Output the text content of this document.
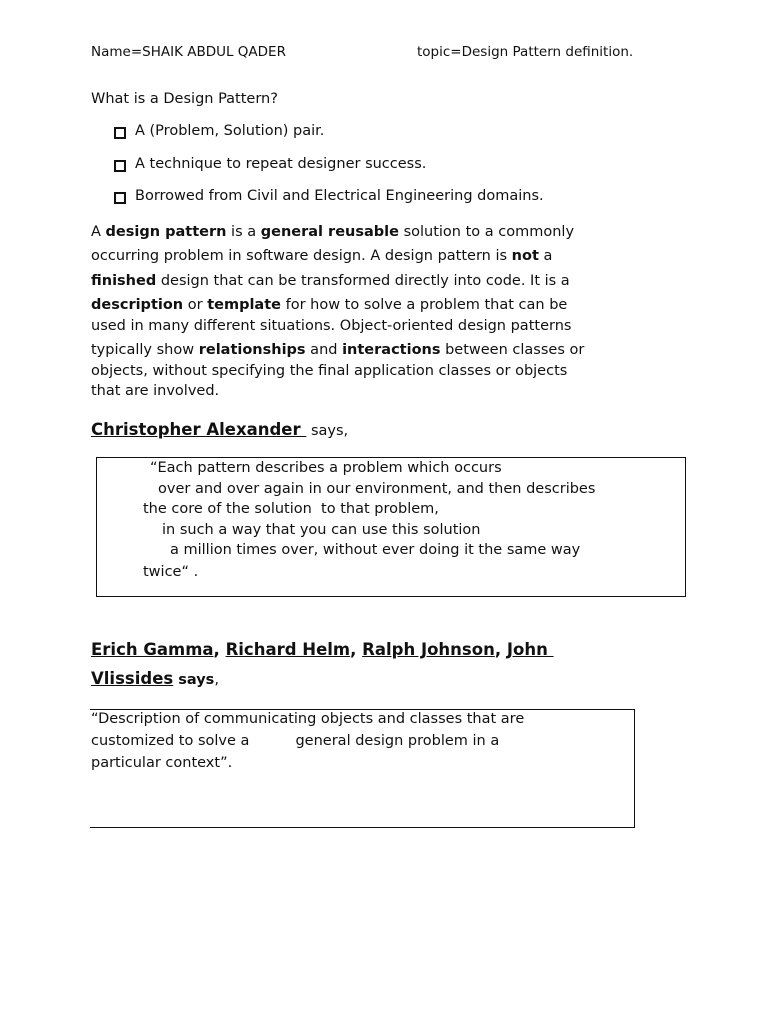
Name=SHAIK ABDUL QADER	topic=Design Pattern definition.
What is a Design Pattern?
A (Problem, Solution) pair.
A technique to repeat designer success.
Borrowed from Civil and Electrical Engineering domains.
A design pattern is a general reusable solution to a commonly
occurring problem in software design. A design pattern is not a
finished design that can be transformed directly into code. It is a
description or template for how to solve a problem that can be
used in many different situations. Object-oriented design patterns
typically show relationships and interactions between classes or
objects, without specifying the final application classes or objects
that are involved.
Christopher Alexander  says,
“Each pattern describes a problem which occurs
over and over again in our environment, and then describes
the core of the solution  to that problem,
in such a way that you can use this solution
a million times over, without ever doing it the same way
twice“ .
Erich Gamma, Richard Helm, Ralph Johnson, John
Vlissides says,
“Description of communicating objects and classes that are
customized to solve a          general design problem in a
particular context”.
